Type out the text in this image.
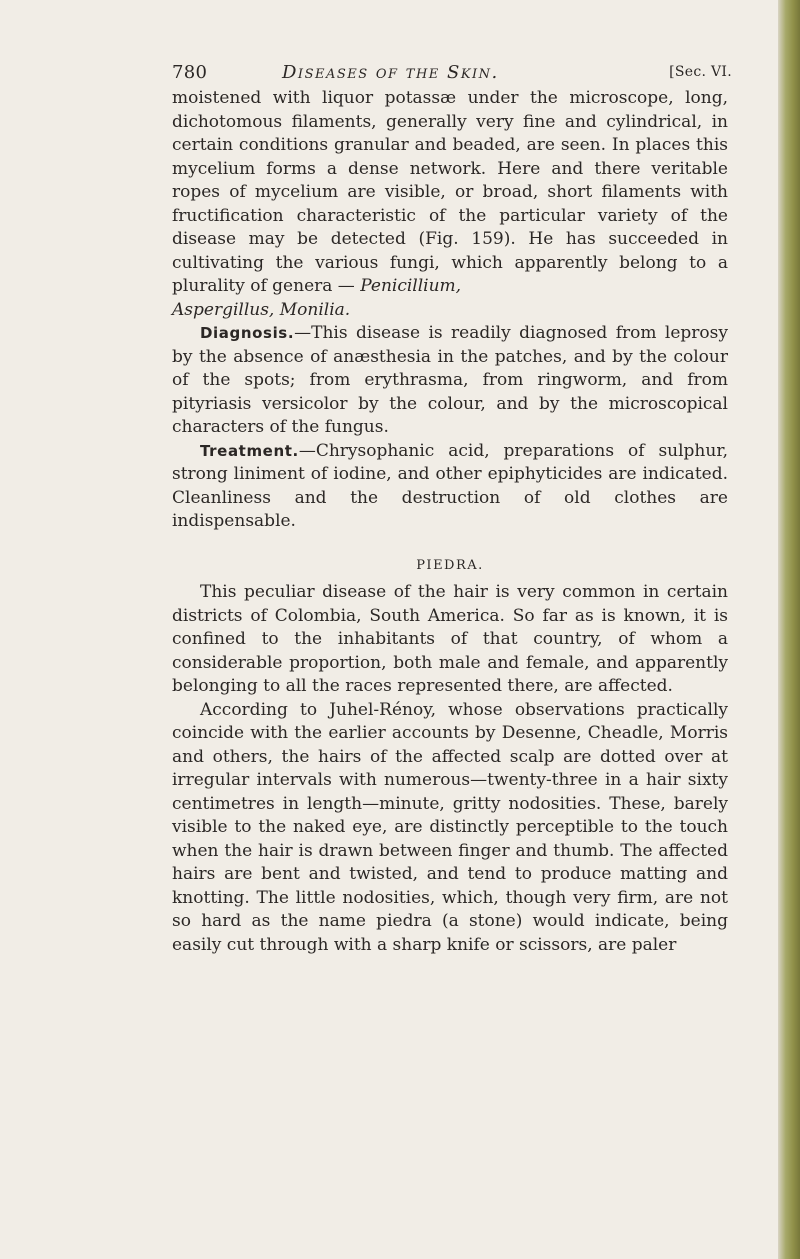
780	Diseases of the Skin.	[Sec. VI.

moistened with liquor potassæ under the microscope, long, dichotomous filaments, generally very fine and cylindrical, in certain conditions granular and beaded, are seen. In places this mycelium forms a dense network. Here and there veritable ropes of mycelium are visible, or broad, short filaments with fructification characteristic of the particular variety of the disease may be detected (Fig. 159). He has succeeded in cultivating the various fungi, which apparently belong to a plurality of genera — Penicillium,
Aspergillus, Monilia.

Diagnosis.—This disease is readily diagnosed from leprosy by the absence of anæsthesia in the patches, and by the colour of the spots; from erythrasma, from ringworm, and from pityriasis versicolor by the colour, and by the microscopical characters of the fungus.

Treatment.—Chrysophanic acid, preparations of sulphur, strong liniment of iodine, and other epiphyticides are indicated. Cleanliness and the destruction of old clothes are indispensable.

PIEDRA.

This peculiar disease of the hair is very common in certain districts of Colombia, South America. So far as is known, it is confined to the inhabitants of that country, of whom a considerable proportion, both male and female, and apparently belonging to all the races represented there, are affected.

According to Juhel-Rénoy, whose observations practically coincide with the earlier accounts by Desenne, Cheadle, Morris and others, the hairs of the affected scalp are dotted over at irregular intervals with numerous—twenty-three in a hair sixty centimetres in length—minute, gritty nodosities. These, barely visible to the naked eye, are distinctly perceptible to the touch when the hair is drawn between finger and thumb. The affected hairs are bent and twisted, and tend to produce matting and knotting. The little nodosities, which, though very firm, are not so hard as the name piedra (a stone) would indicate, being easily cut through with a sharp knife or scissors, are paler
